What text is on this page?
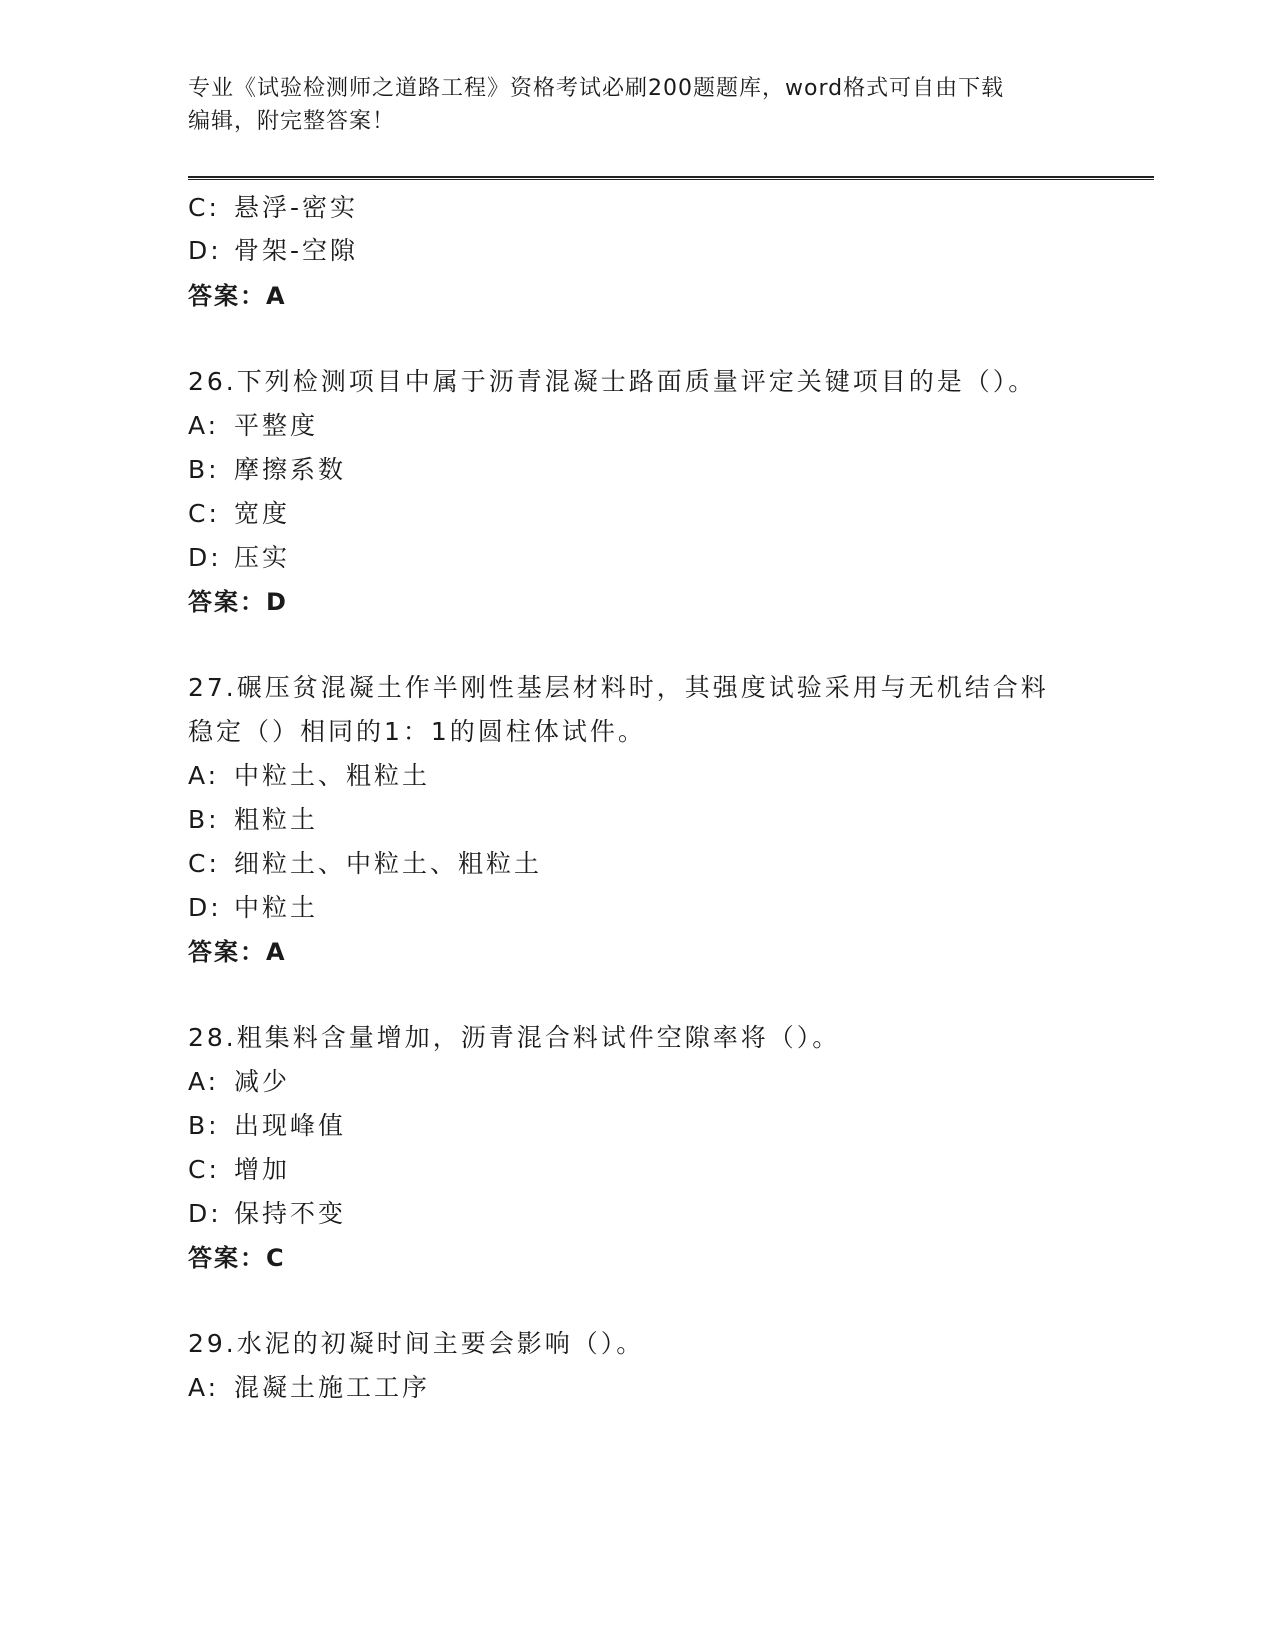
专业《试验检测师之道路工程》资格考试必刷200题题库，word格式可自由下载
编辑，附完整答案！
C: 悬浮-密实
D: 骨架-空隙
答案：A
26.下列检测项目中属于沥青混凝士路面质量评定关键项目的是（）。
A: 平整度
B: 摩擦系数
C: 宽度
D: 压实
答案：D
27.碾压贫混凝土作半刚性基层材料时，其强度试验采用与无机结合料
稳定（）相同的1：1的圆柱体试件。
A: 中粒土、粗粒土
B: 粗粒土
C: 细粒土、中粒土、粗粒土
D: 中粒土
答案：A
28.粗集料含量增加，沥青混合料试件空隙率将（）。
A: 减少
B: 出现峰值
C: 增加
D: 保持不变
答案：C
29.水泥的初凝时间主要会影响（）。
A: 混凝土施工工序
